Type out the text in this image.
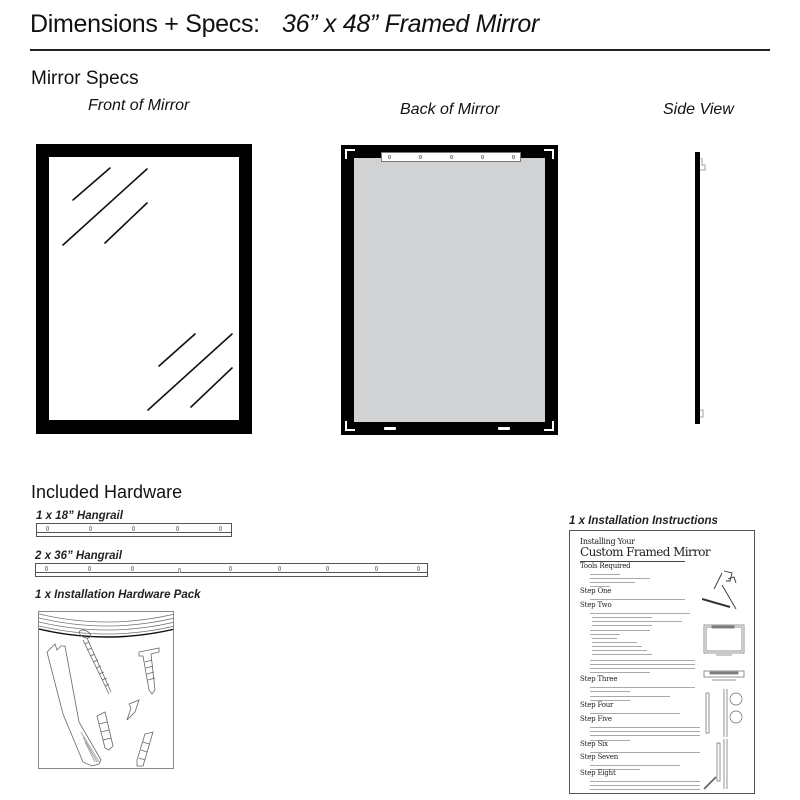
Dimensions + Specs: 36” x 48” Framed Mirror
Mirror Specs
Front of Mirror	Back of Mirror	Side View
Included Hardware
1 x 18” Hangrail
2 x 36” Hangrail
1 x Installation Hardware Pack
1 x Installation Instructions
Installing Your
Custom Framed Mirror
Tools Required
Step One
Step Two
Step Three
Step Four
Step Five
Step Six
Step Seven
Step Eight
